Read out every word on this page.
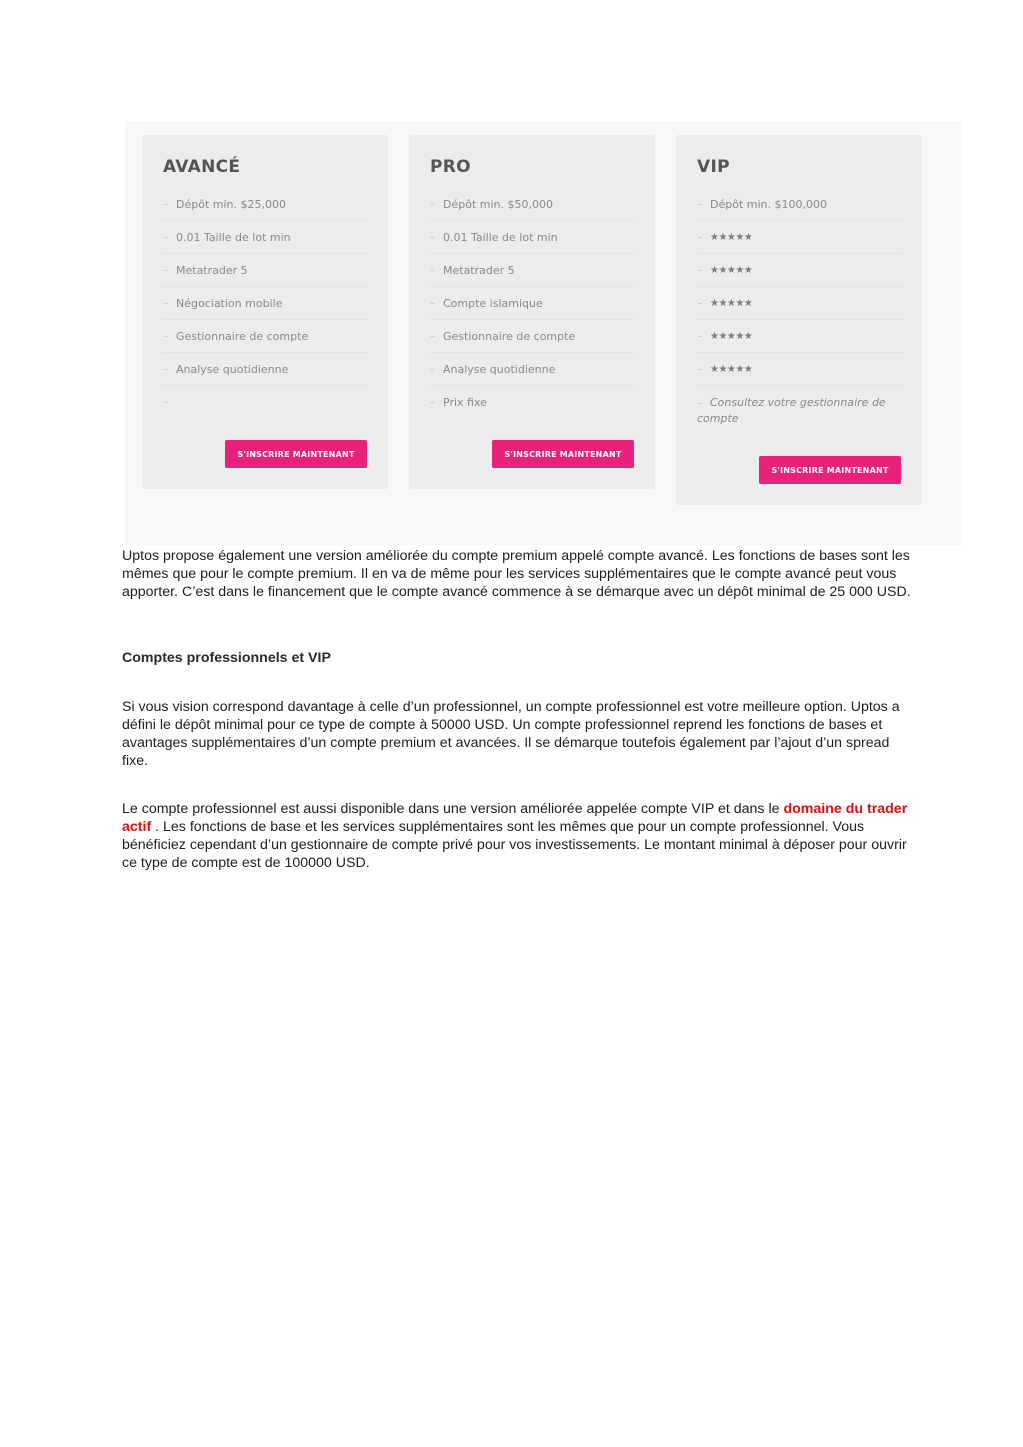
AVANCÉ
– Dépôt min. $25,000
– 0.01 Taille de lot min
– Metatrader 5
– Négociation mobile
– Gestionnaire de compte
– Analyse quotidienne
–
S'INSCRIRE MAINTENANT
PRO
– Dépôt min. $50,000
– 0.01 Taille de lot min
– Metatrader 5
– Compte islamique
– Gestionnaire de compte
– Analyse quotidienne
– Prix fixe
S'INSCRIRE MAINTENANT
VIP
– Dépôt min. $100,000
– ★★★★★
– ★★★★★
– ★★★★★
– ★★★★★
– ★★★★★
– Consultez votre gestionnaire de compte
S'INSCRIRE MAINTENANT

Uptos propose également une version améliorée du compte premium appelé compte avancé. Les fonctions de bases sont les mêmes que pour le compte premium. Il en va de même pour les services supplémentaires que le compte avancé peut vous apporter. C’est dans le financement que le compte avancé commence à se démarque avec un dépôt minimal de 25 000 USD.

Comptes professionnels et VIP

Si vous vision correspond davantage à celle d’un professionnel, un compte professionnel est votre meilleure option. Uptos a défini le dépôt minimal pour ce type de compte à 50000 USD. Un compte professionnel reprend les fonctions de bases et avantages supplémentaires d’un compte premium et avancées. Il se démarque toutefois également par l’ajout d’un spread fixe.

Le compte professionnel est aussi disponible dans une version améliorée appelée compte VIP et dans le domaine du trader actif . Les fonctions de base et les services supplémentaires sont les mêmes que pour un compte professionnel. Vous bénéficiez cependant d’un gestionnaire de compte privé pour vos investissements. Le montant minimal à déposer pour ouvrir ce type de compte est de 100000 USD.
